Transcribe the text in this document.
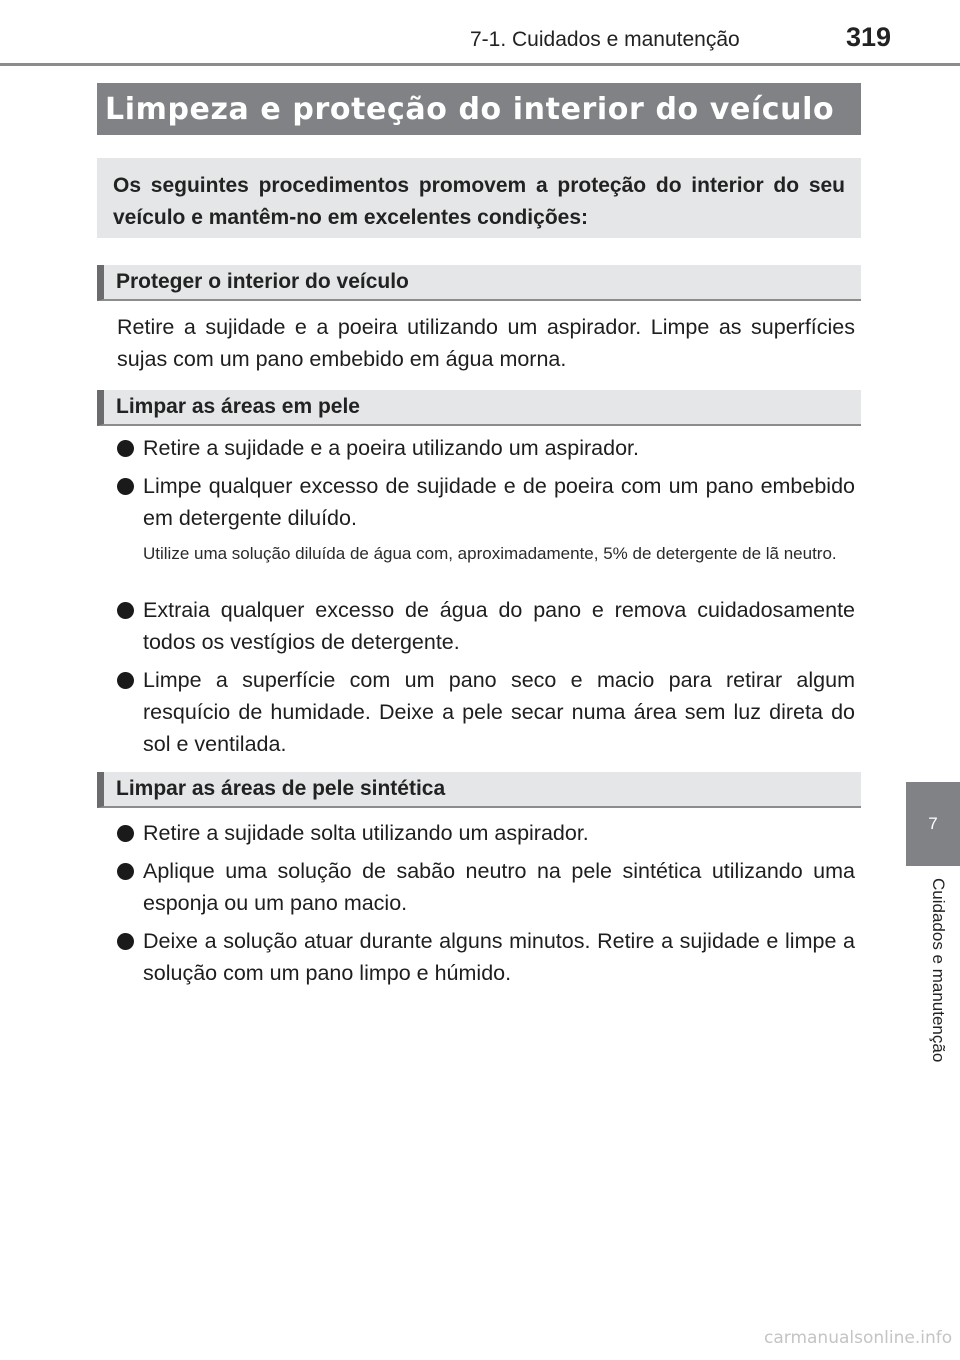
7-1. Cuidados e manutenção	319
Limpeza e proteção do interior do veículo

Os seguintes procedimentos promovem a proteção do interior do seu veículo e mantêm-no em excelentes condições:

Proteger o interior do veículo

Retire a sujidade e a poeira utilizando um aspirador. Limpe as superfícies sujas com um pano embebido em água morna.

Limpar as áreas em pele
Retire a sujidade e a poeira utilizando um aspirador.
Limpe qualquer excesso de sujidade e de poeira com um pano embebido em detergente diluído.

Utilize uma solução diluída de água com, aproximadamente, 5% de detergente de lã neutro.

Extraia qualquer excesso de água do pano e remova cuidadosamente todos os vestígios de detergente.
Limpe a superfície com um pano seco e macio para retirar algum resquício de humidade. Deixe a pele secar numa área sem luz direta do sol e ventilada.
Limpar as áreas de pele sintética
Retire a sujidade solta utilizando um aspirador.
Aplique uma solução de sabão neutro na pele sintética utilizando uma esponja ou um pano macio.
Deixe a solução atuar durante alguns minutos. Retire a sujidade e limpe a solução com um pano limpo e húmido.
7
Cuidados e manutenção
carmanualsonline.info
